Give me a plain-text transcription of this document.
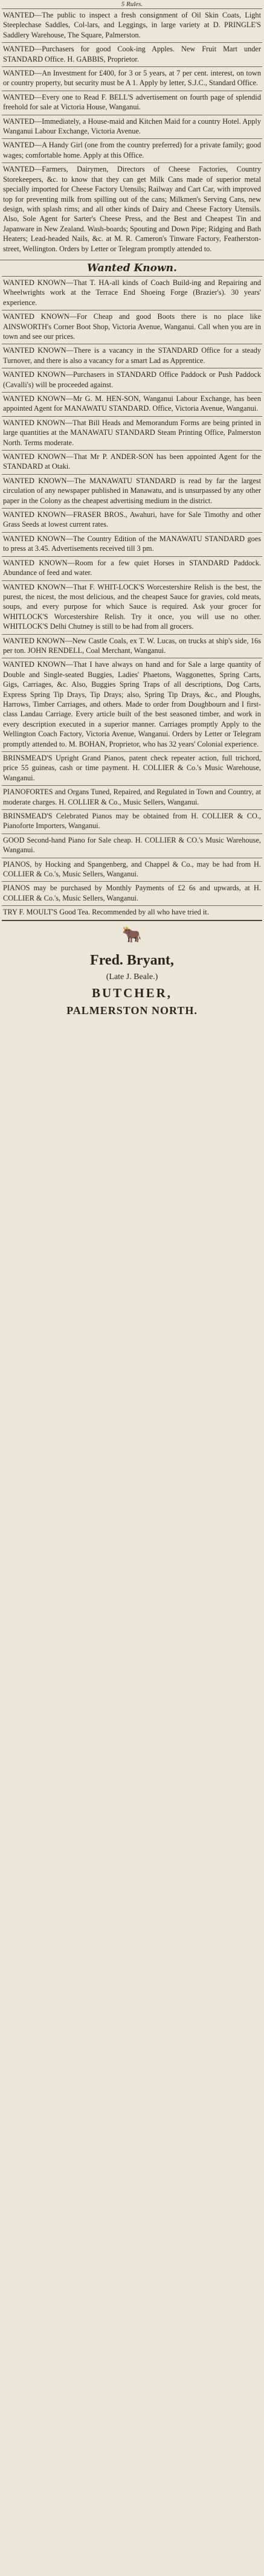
5 Rules.
WANTED—The public to inspect a fresh consignment of Oil Skin Coats, Light Steeplechase Saddles, Col-lars, and Leggings, in large variety at D. PRINGLE'S Saddlery Warehouse, The Square, Palmerston.
WANTED—Purchasers for good Cook-ing Apples. New Fruit Mart under STANDARD Office. H. GABBIS, Proprietor.
WANTED—An Investment for £400, for 3 or 5 years, at 7 per cent. interest, on town or country property, but security must be A 1. Apply by letter, S.J.C., Standard Office.
WANTED—Every one to Read F. BELL'S advertisement on fourth page of splendid freehold for sale at Victoria House, Wanganui.
WANTED—Immediately, a House-maid and Kitchen Maid for a country Hotel. Apply Wanganui Labour Exchange, Victoria Avenue.
WANTED—A Handy Girl (one from the country preferred) for a private family; good wages; comfortable home. Apply at this Office.
WANTED—Farmers, Dairymen, Directors of Cheese Factories, Country Storekeepers, &c. to know that they can get Milk Cans made of superior metal specially imported for Cheese Factory Utensils; Railway and Cart Car, with improved top for preventing milk from spilling out of the cans; Milkmen's Serving Cans, new design, with splash rims; and all other kinds of Dairy and Cheese Factory Utensils. Also, Sole Agent for Sarter's Cheese Press, and the Best and Cheapest Tin and Japanware in New Zealand. Wash-boards; Spouting and Down Pipe; Ridging and Bath Heaters; Lead-headed Nails, &c. at M. R. Cameron's Tinware Factory, Featherston-street, Wellington. Orders by Letter or Telegram promptly attended to.
Wanted Known.
WANTED KNOWN—That T. HA-all kinds of Coach Build-ing and Repairing and Wheelwrights work at the Terrace End Shoeing Forge (Brazier's). 30 years' experience.
WANTED KNOWN—For Cheap and good Boots there is no place like AINSWORTH's Corner Boot Shop, Victoria Avenue, Wanganui. Call when you are in town and see our prices.
WANTED KNOWN—There is a vacancy in the STANDARD Office for a steady Turnover, and there is also a vacancy for a smart Lad as Apprentice.
WANTED KNOWN—Purchasers in STANDARD Office Paddock or Push Paddock (Cavalli's) will be proceeded against.
WANTED KNOWN—Mr G. M. HEN-SON, Wanganui Labour Exchange, has been appointed Agent for MANAWATU STANDARD. Office, Victoria Avenue, Wanganui.
WANTED KNOWN—That Bill Heads and Memorandum Forms are being printed in large quantities at the MANAWATU STANDARD Steam Printing Office, Palmerston North. Terms moderate.
WANTED KNOWN—That Mr P. ANDER-SON has been appointed Agent for the STANDARD at Otaki.
WANTED KNOWN—The MANAWATU STANDARD is read by far the largest circulation of any newspaper published in Manawatu, and is unsurpassed by any other paper in the Colony as the cheapest advertising medium in the district.
WANTED KNOWN—FRASER BROS., Awahuri, have for Sale Timothy and other Grass Seeds at lowest current rates.
WANTED KNOWN—The Country Edition of the MANAWATU STANDARD goes to press at 3.45. Advertisements received till 3 pm.
WANTED KNOWN—Room for a few quiet Horses in STANDARD Paddock. Abundance of feed and water.
WANTED KNOWN—That F. WHIT-LOCK'S Worcestershire Relish is the best, the purest, the nicest, the most delicious, and the cheapest Sauce for gravies, cold meats, soups, and every purpose for which Sauce is required. Ask your grocer for WHITLOCK'S Worcestershire Relish. Try it once, you will use no other. WHITLOCK'S Delhi Chutney is still to be had from all grocers.
WANTED KNOWN—New Castle Coals, ex T. W. Lucas, on trucks at ship's side, 16s per ton. JOHN RENDELL, Coal Merchant, Wanganui.
WANTED KNOWN—That I have always on hand and for Sale a large quantity of Double and Single-seated Buggies, Ladies' Phaetons, Waggonettes, Spring Carts, Gigs, Carriages, &c. Also, Buggies Spring Traps of all descriptions, Dog Carts, Express Spring Tip Drays, Tip Drays; also, Spring Tip Drays, &c., and Ploughs, Harrows, Timber Carriages, and others. Made to order from Doughbourn and I first-class Landau Carriage. Every article built of the best seasoned timber, and work in every description executed in a superior manner. Carriages promptly Apply to the Wellington Coach Factory, Victoria Avenue, Wanganui. Orders by Letter or Telegram promptly attended to. M. BOHAN, Proprietor, who has 32 years' Colonial experience.
BRINSMEAD'S Upright Grand Pianos, patent check repeater action, full trichord, price 55 guineas, cash or time payment. H. COLLIER & Co.'s Music Warehouse, Wanganui.
PIANOFORTES and Organs Tuned, Repaired, and Regulated in Town and Country, at moderate charges. H. COLLIER & Co., Music Sellers, Wanganui.
BRINSMEAD'S Celebrated Pianos may be obtained from H. COLLIER & CO., Pianoforte Importers, Wanganui.
GOOD Second-hand Piano for Sale cheap. H. COLLIER & CO.'s Music Warehouse, Wanganui.
PIANOS, by Hocking and Spangenberg, and Chappel & Co., may be had from H. COLLIER & Co.'s, Music Sellers, Wanganui.
PIANOS may be purchased by Monthly Payments of £2 6s and upwards, at H. COLLIER & Co.'s, Music Sellers, Wanganui.
TRY F. MOULT'S Good Tea. Recommended by all who have tried it.
🐂
Fred. Bryant,
(Late J. Beale.)
BUTCHER,
PALMERSTON NORTH.
